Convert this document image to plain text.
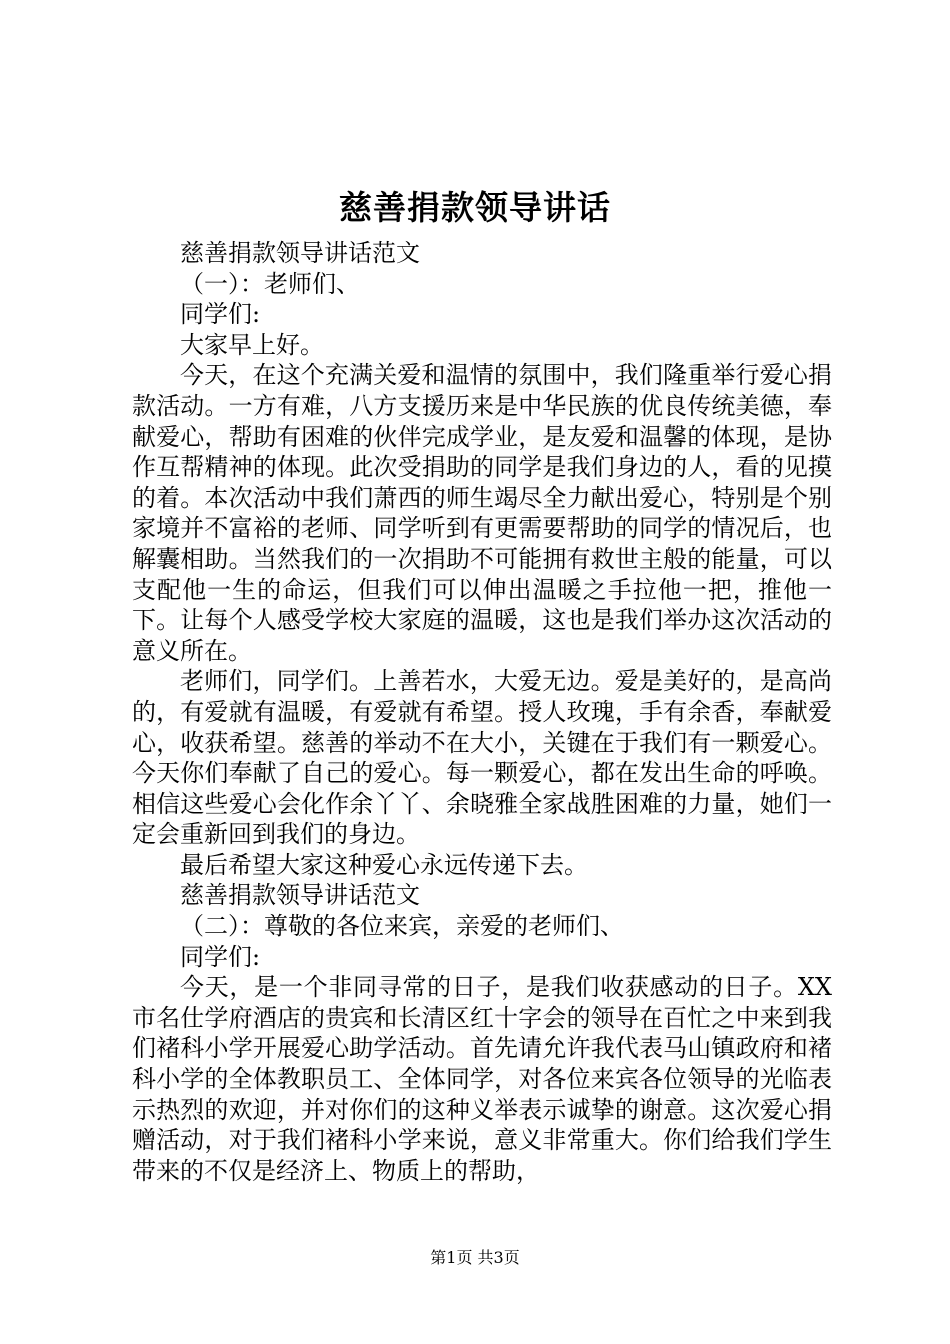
慈善捐款领导讲话

慈善捐款领导讲话范文

（一）：老师们、

同学们:

大家早上好。

今天，在这个充满关爱和温情的氛围中，我们隆重举行爱心捐款活动。一方有难，八方支援历来是中华民族的优良传统美德，奉献爱心，帮助有困难的伙伴完成学业，是友爱和温馨的体现，是协作互帮精神的体现。此次受捐助的同学是我们身边的人，看的见摸的着。本次活动中我们萧西的师生竭尽全力献出爱心，特别是个别家境并不富裕的老师、同学听到有更需要帮助的同学的情况后，也解囊相助。当然我们的一次捐助不可能拥有救世主般的能量，可以支配他一生的命运，但我们可以伸出温暖之手拉他一把，推他一下。让每个人感受学校大家庭的温暖，这也是我们举办这次活动的意义所在。

老师们，同学们。上善若水，大爱无边。爱是美好的，是高尚的，有爱就有温暖，有爱就有希望。授人玫瑰，手有余香，奉献爱心，收获希望。慈善的举动不在大小，关键在于我们有一颗爱心。今天你们奉献了自己的爱心。每一颗爱心，都在发出生命的呼唤。相信这些爱心会化作余丫丫、余晓雅全家战胜困难的力量，她们一定会重新回到我们的身边。

最后希望大家这种爱心永远传递下去。

慈善捐款领导讲话范文

（二）：尊敬的各位来宾，亲爱的老师们、

同学们:

今天，是一个非同寻常的日子，是我们收获感动的日子。XX市名仕学府酒店的贵宾和长清区红十字会的领导在百忙之中来到我们褚科小学开展爱心助学活动。首先请允许我代表马山镇政府和褚科小学的全体教职员工、全体同学，对各位来宾各位领导的光临表示热烈的欢迎，并对你们的这种义举表示诚挚的谢意。这次爱心捐赠活动，对于我们褚科小学来说，意义非常重大。你们给我们学生带来的不仅是经济上、物质上的帮助，

第1页 共3页
